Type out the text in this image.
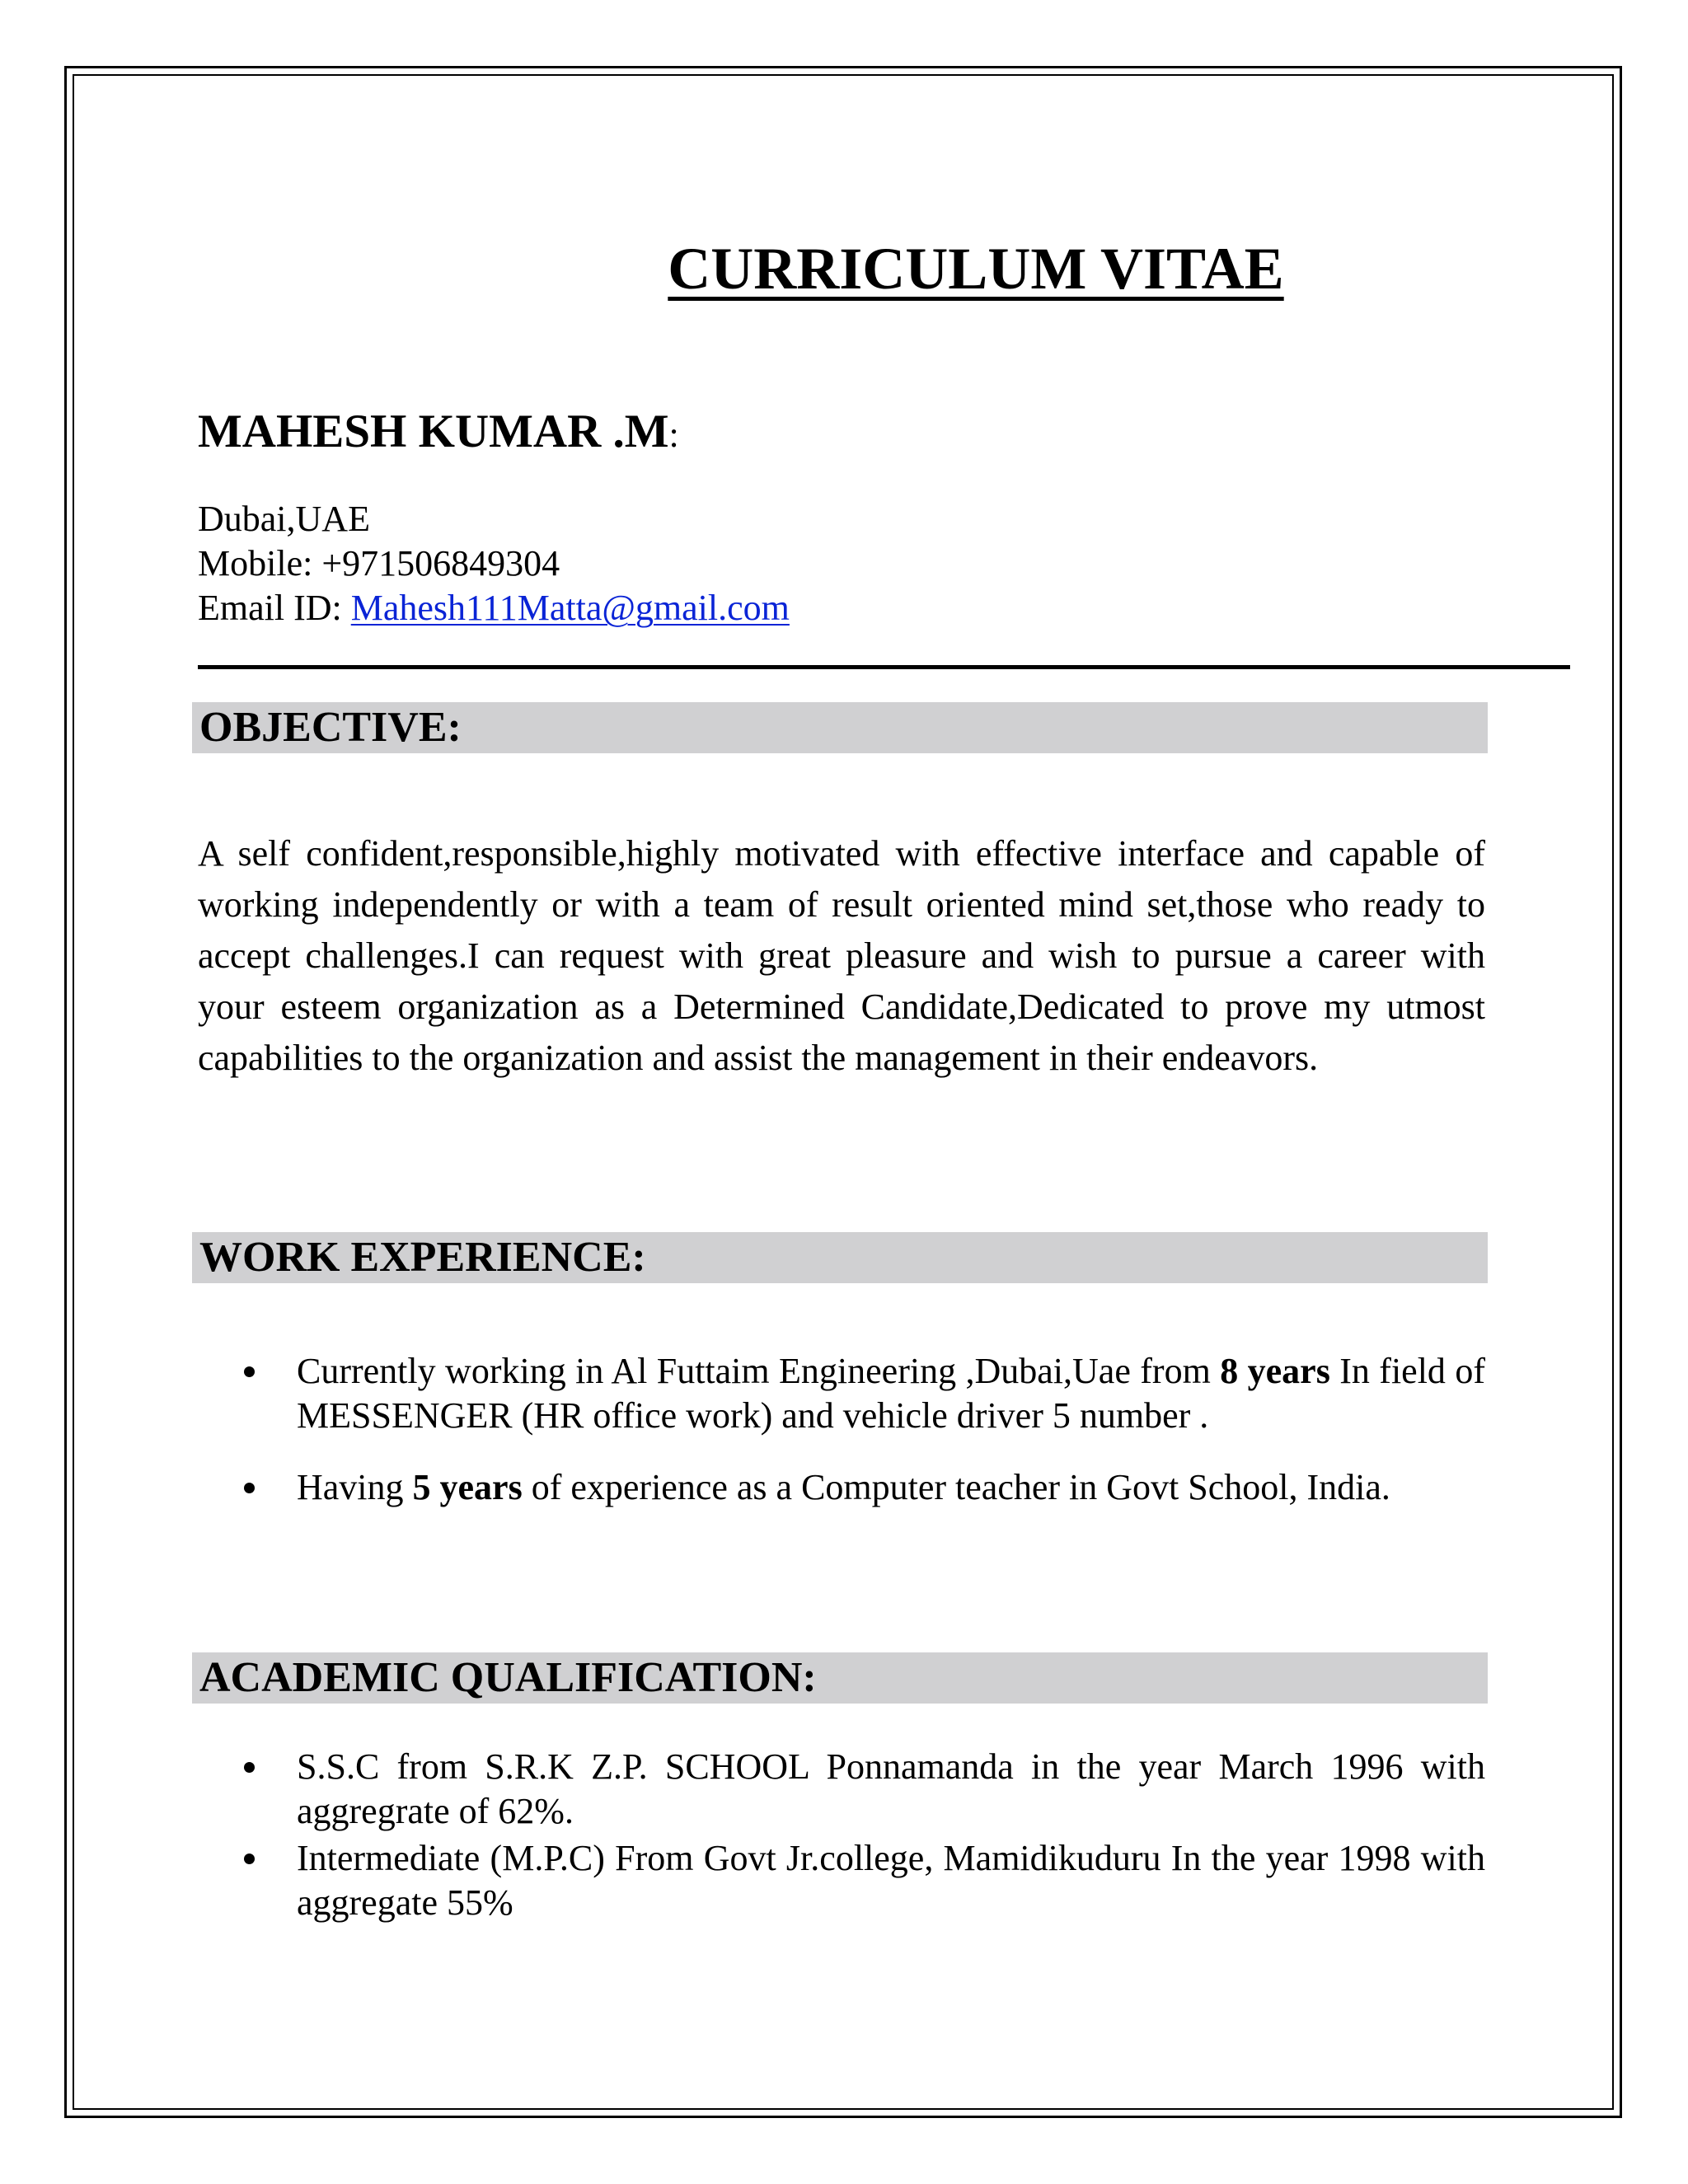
CURRICULUM VITAE
MAHESH KUMAR .M:
Dubai,UAE
Mobile: +971506849304
Email ID: Mahesh111Matta@gmail.com
OBJECTIVE:
A self confident,responsible,highly motivated with effective interface and capable of working independently or with a team of result oriented mind set,those who ready to accept challenges.I can request with great pleasure and wish to pursue a career with your esteem organization as a Determined Candidate,Dedicated to prove my utmost capabilities to the organization and assist the management in their endeavors.
WORK EXPERIENCE:
Currently working in Al Futtaim Engineering ,Dubai,Uae from 8 years In field of MESSENGER (HR office work) and vehicle driver 5 number .
Having 5 years of experience as a Computer teacher in Govt School, India.
ACADEMIC QUALIFICATION:
S.S.C from S.R.K Z.P. SCHOOL Ponnamanda in the year March 1996 with aggregrate of 62%.
Intermediate (M.P.C) From Govt Jr.college, Mamidikuduru In the year 1998 with aggregate 55%
